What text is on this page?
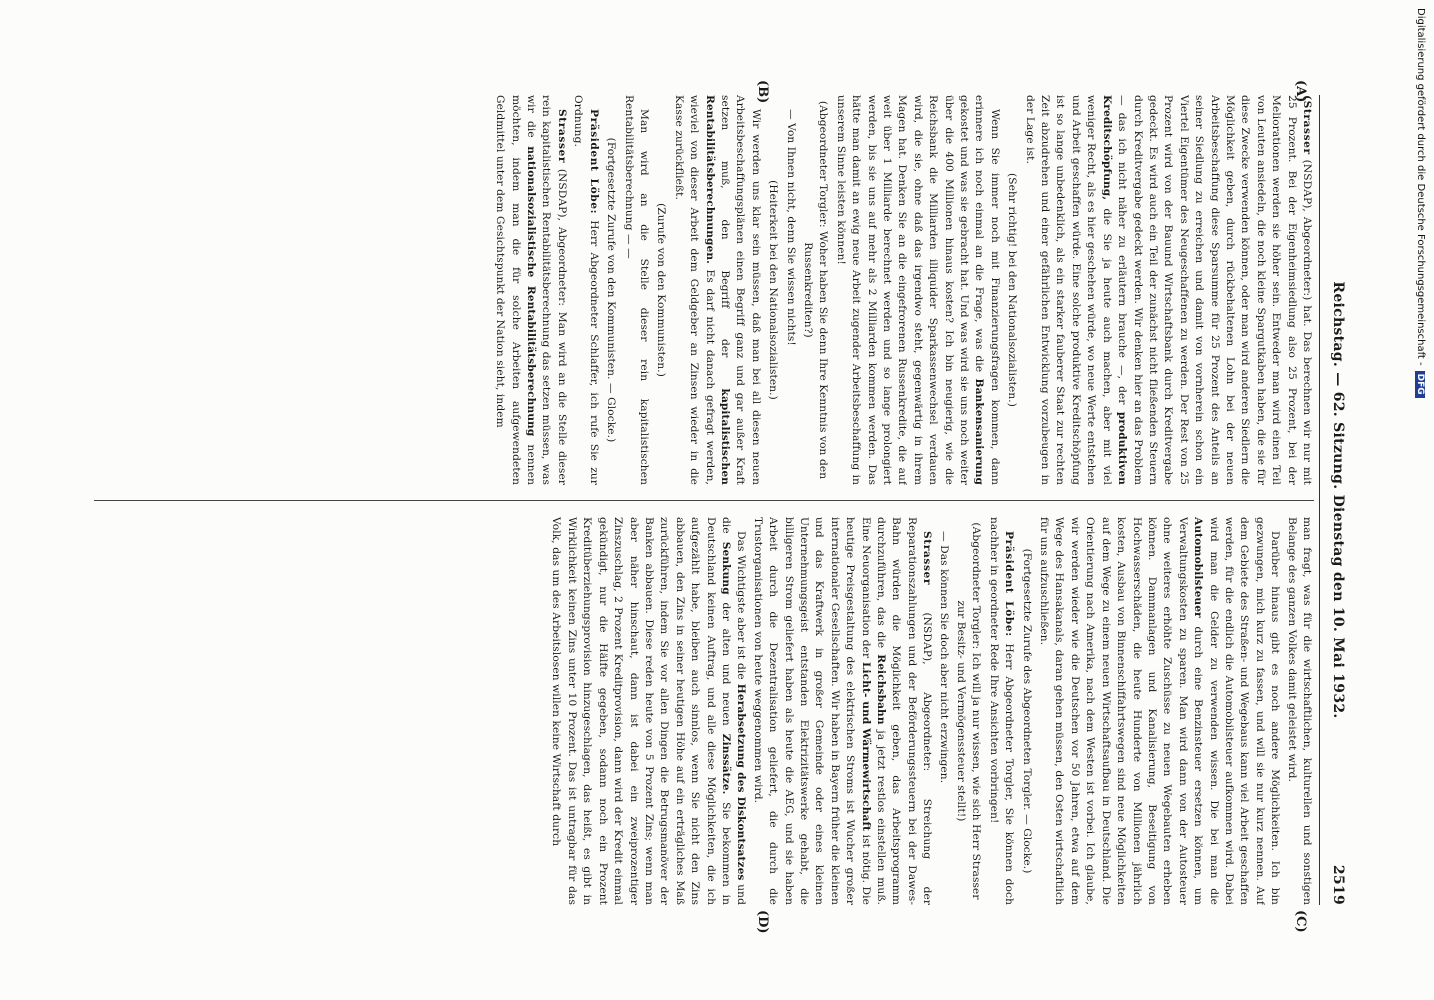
Reichstag. — 62. Sitzung. Dienstag den 10. Mai 1932.
2519
(A)
(B)
(C)
(D)

(Strasser (NSDAP), Abgeordneter:) hat. Das berechnen wir nur mit 25 Prozent. Bei der Eigenheimsiedlung also 25 Prozent, bei der Meliorationen werden sie höher sein. Entweder man wird einen Teil von Leuten ansiedeln, die noch kleine Spargutkaben haben, die sie für diese Zwecke verwenden können, oder man wird anderen Siedlern die Möglichkeit geben, durch rückbehaltenen Lohn bei der neuen Arbeitsbeschaffung diese Sparsumme für 25 Prozent des Anteils an seiner Siedlung zu erreichen und damit von vornherein schon ein Viertel Eigentümer des Neugeschaffenen zu werden. Der Rest von 25 Prozent wird von der Bauund Wirtschaftsbank durch Kreditvergabe gedeckt. Es wird auch ein Teil der zunächst nicht fließenden Steuern durch Kreditvergabe gedeckt werden. Wir denken hier an das Problem — das ich nicht näher zu erläutern brauche —, der produktiven Kreditschöpfung, die Sie ja heute auch machen, aber mit viel weniger Recht, als es hier geschehen würde, wo neue Werte entstehen und Arbeit geschaffen würde. Eine solche produktive Kreditschöpfung ist so lange unbedenklich, als ein starker fauberer Staat zur rechten Zeit abzudrehen und einer gefährlichen Entwicklung vorzubeugen in der Lage ist.

(Sehr richtig! bei den Nationalsozialisten.)

Wenn Sie immer noch mit Finanzierungsfragen kommen, dann erinnere ich noch einmal an die Frage, was die Bankensanierung gekostet und was sie gebracht hat. Und was wird sie uns noch weiter über die 400 Millionen hinaus kosten? Ich bin neugierig, wie die Reichsbank die Milliarden illiquider Sparkassenwechsel verdauen wird, die sie, ohne daß das irgendwo steht, gegenwärtig in ihrem Magen hat. Denken Sie an die eingefrorenen Russenkredite, die auf weit über 1 Milliarde berechnet werden und so lange prolongiert werden, bis sie uns auf mehr als 2 Milliarden kommen werden. Das hätte man damit an ewig neue Arbeit zugender Arbeitsbeschaffung in unserem Sinne leisten können!

(Abgeordneter Torgler: Woher haben Sie denn Ihre Kenntnis von den Russenkrediten?)

— Von Ihnen nicht, denn Sie wissen nichts!

(Heiterkeit bei den Nationalsozialisten.)

Wir werden uns klar sein müssen, daß man bei all diesen neuen Arbeitsbeschaffungsplänen einen Begriff ganz und gar außer Kraft setzen muß, den Begriff der kapitalistischen Rentabilitätsberechnungen. Es darf nicht danach gefragt werden, wieviel von dieser Arbeit dem Geldgeber an Zinsen wieder in die Kasse zurückfließt.

(Zurufe von den Kommunisten.)

Man wird an die Stelle dieser rein kapitalistischen Rentabilitätsberechnung — —

(Fortgesetzte Zurufe von den Kommunisten. — Glocke.)

Präsident Löbe: Herr Abgeordneter Schlaffer, ich rufe Sie zur Ordnung.

Strasser (NSDAP), Abgeordneter: Man wird an die Stelle dieser rein kapitalistischen Rentabilitätsberechnung das setzen müssen, was wir die nationalsozialistische Rentabilitätsberechnung nennen möchten, indem man die für solche Arbeiten aufgewendeten Geldmittel unter dem Gesichtspunkt der Nation sieht, indem

man fragt, was für die wirtschaftlichen, kulturellen und sonstigen Belange des ganzen Volkes damit geleistet wird.

Darüber hinaus gibt es noch andere Möglichkeiten. Ich bin gezwungen, mich kurz zu fassen, und will sie nur kurz nennen. Auf dem Gebiete des Straßen- und Wegebaus kann viel Arbeit geschaffen werden, für die endlich die Automobilsteuer aufkommen wird. Dabei wird man die Gelder zu verwenden wissen. Die bei man die Automobilsteuer durch eine Benzinsteuer ersetzen können, um Verwaltungskosten zu sparen. Man wird dann von der Autosteuer ohne weiteres erhöhte Zuschüsse zu neuen Wegebauten erheben können. Dammanlagen und Kanalisierung, Beseitigung von Hochwasserschäden, die heute Hunderte von Millionen jährlich kosten, Ausbau von Binnenschiffahrtswegen sind neue Möglichkeiten auf dem Wege zu einem neuen Wirtschaftsaufbau in Deutschland. Die Orientierung nach Amerika, nach dem Westen ist vorbei. Ich glaube, wir werden wieder wie die Deutschen vor 50 Jahren, etwa auf dem Wege des Hansakanals, daran gehen müssen, den Osten wirtschaftlich für uns aufzuschließen.

(Fortgesetzte Zurufe des Abgeordneten Torgler. — Glocke.)

Präsident Löbe: Herr Abgeordneter Torgler, Sie können doch nachher in geordneter Rede Ihre Ansichten vorbringen!

(Abgeordneter Torgler: Ich will ja nur wissen, wie sich Herr Strasser zur Besitz- und Vermögenssteuer stellt!)

— Das können Sie doch aber nicht erzwingen.

Strasser (NSDAP), Abgeordneter: Streichung der Reparationszahlungen und der Beförderungssteuern bei der Dawes-Bahn würden die Möglichkeit geben, das Arbeitsprogramm durchzuführen, das die Reichsbahn ja jetzt restlos einstellen muß. Eine Neuorganisation der Licht- und Wärmewirtschaft ist nötig. Die heutige Preisgestaltung des elektrischen Stroms ist Wucher großer internationaler Gesellschaften. Wir haben in Bayern früher die kleinen und das Kraftwerk in großer Gemeinde oder eines kleinen Unternehmungsgeist entstanden Elektrizitätswerke gehabt, die billigeren Strom geliefert haben als heute die AEG, und sie haben Arbeit durch die Dezentralisation geliefert, die durch die Trustorganisationen von heute weggenommen wird.

Das Wichtigste aber ist die Herabsetzung des Diskontsatzes und die Senkung der alten und neuen Zinssätze. Sie bekommen in Deutschland keinen Auftrag, und alle diese Möglichkeiten, die ich aufgezählt habe, bleiben auch sinnlos, wenn Sie nicht den Zins abbauen, den Zins in seiner heutigen Höhe auf ein erträgliches Maß zurückführen, indem Sie vor allen Dingen die Betrugsmanöver der Banken abbauen. Diese reden heute von 5 Prozent Zins; wenn man aber näher hinschaut, dann ist dabei ein zweiprozentiger Zinszuschlag, 2 Prozent Kreditprovision, dann wird der Kredit einmal gekündigt, nur die Hälfte gegeben, sodann noch ein Prozent Kreditüberziehungsprovision hinzugeschlagen, das heißt, es gibt in Wirklichkeit keinen Zins unter 10 Prozent. Das ist untragbar für das Volk, das um des Arbeitslosen willen keine Wirtschaft durch

Digitalisierung gefördert durch die Deutsche Forschungsgemeinschaft -DFG
